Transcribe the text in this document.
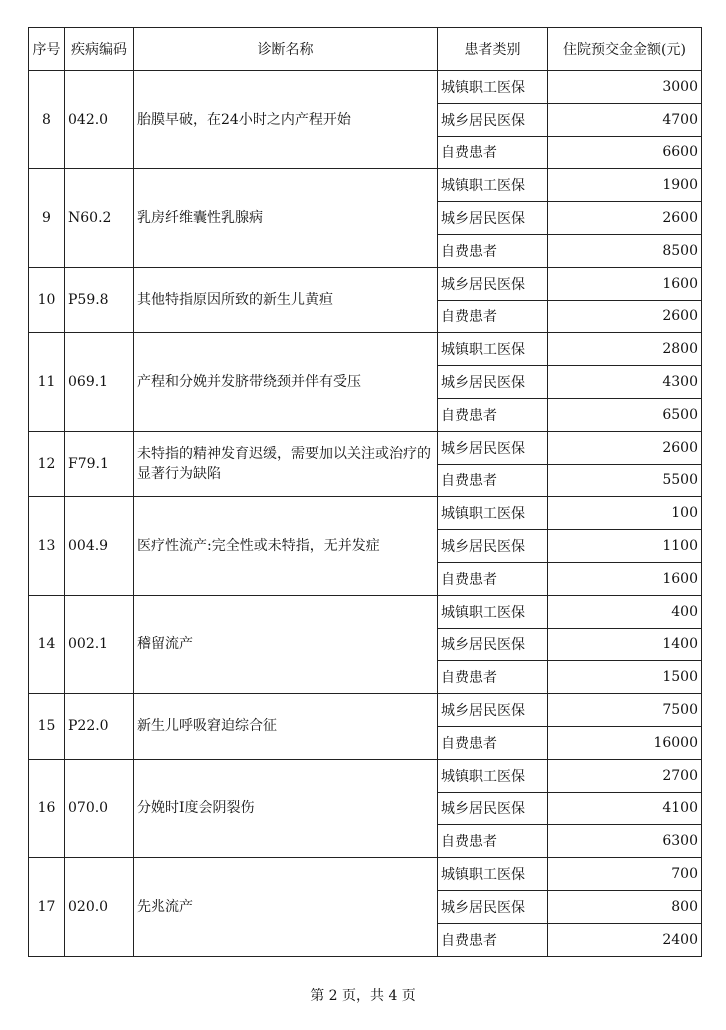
序号	疾病编码	诊断名称	患者类别	住院预交金金额(元)
8	042.0	胎膜早破，在24小时之内产程开始	城镇职工医保	3000
			城乡居民医保	4700
			自费患者	6600
9	N60.2	乳房纤维囊性乳腺病	城镇职工医保	1900
			城乡居民医保	2600
			自费患者	8500
10	P59.8	其他特指原因所致的新生儿黄疸	城乡居民医保	1600
			自费患者	2600
11	069.1	产程和分娩并发脐带绕颈并伴有受压	城镇职工医保	2800
			城乡居民医保	4300
			自费患者	6500
12	F79.1	未特指的精神发育迟缓，需要加以关注或治疗的显著行为缺陷	城乡居民医保	2600
			自费患者	5500
13	004.9	医疗性流产:完全性或未特指，无并发症	城镇职工医保	100
			城乡居民医保	1100
			自费患者	1600
14	002.1	稽留流产	城镇职工医保	400
			城乡居民医保	1400
			自费患者	1500
15	P22.0	新生儿呼吸窘迫综合征	城乡居民医保	7500
			自费患者	16000
16	070.0	分娩时Ⅰ度会阴裂伤	城镇职工医保	2700
			城乡居民医保	4100
			自费患者	6300
17	020.0	先兆流产	城镇职工医保	700
			城乡居民医保	800
			自费患者	2400
第 2 页，共 4 页
